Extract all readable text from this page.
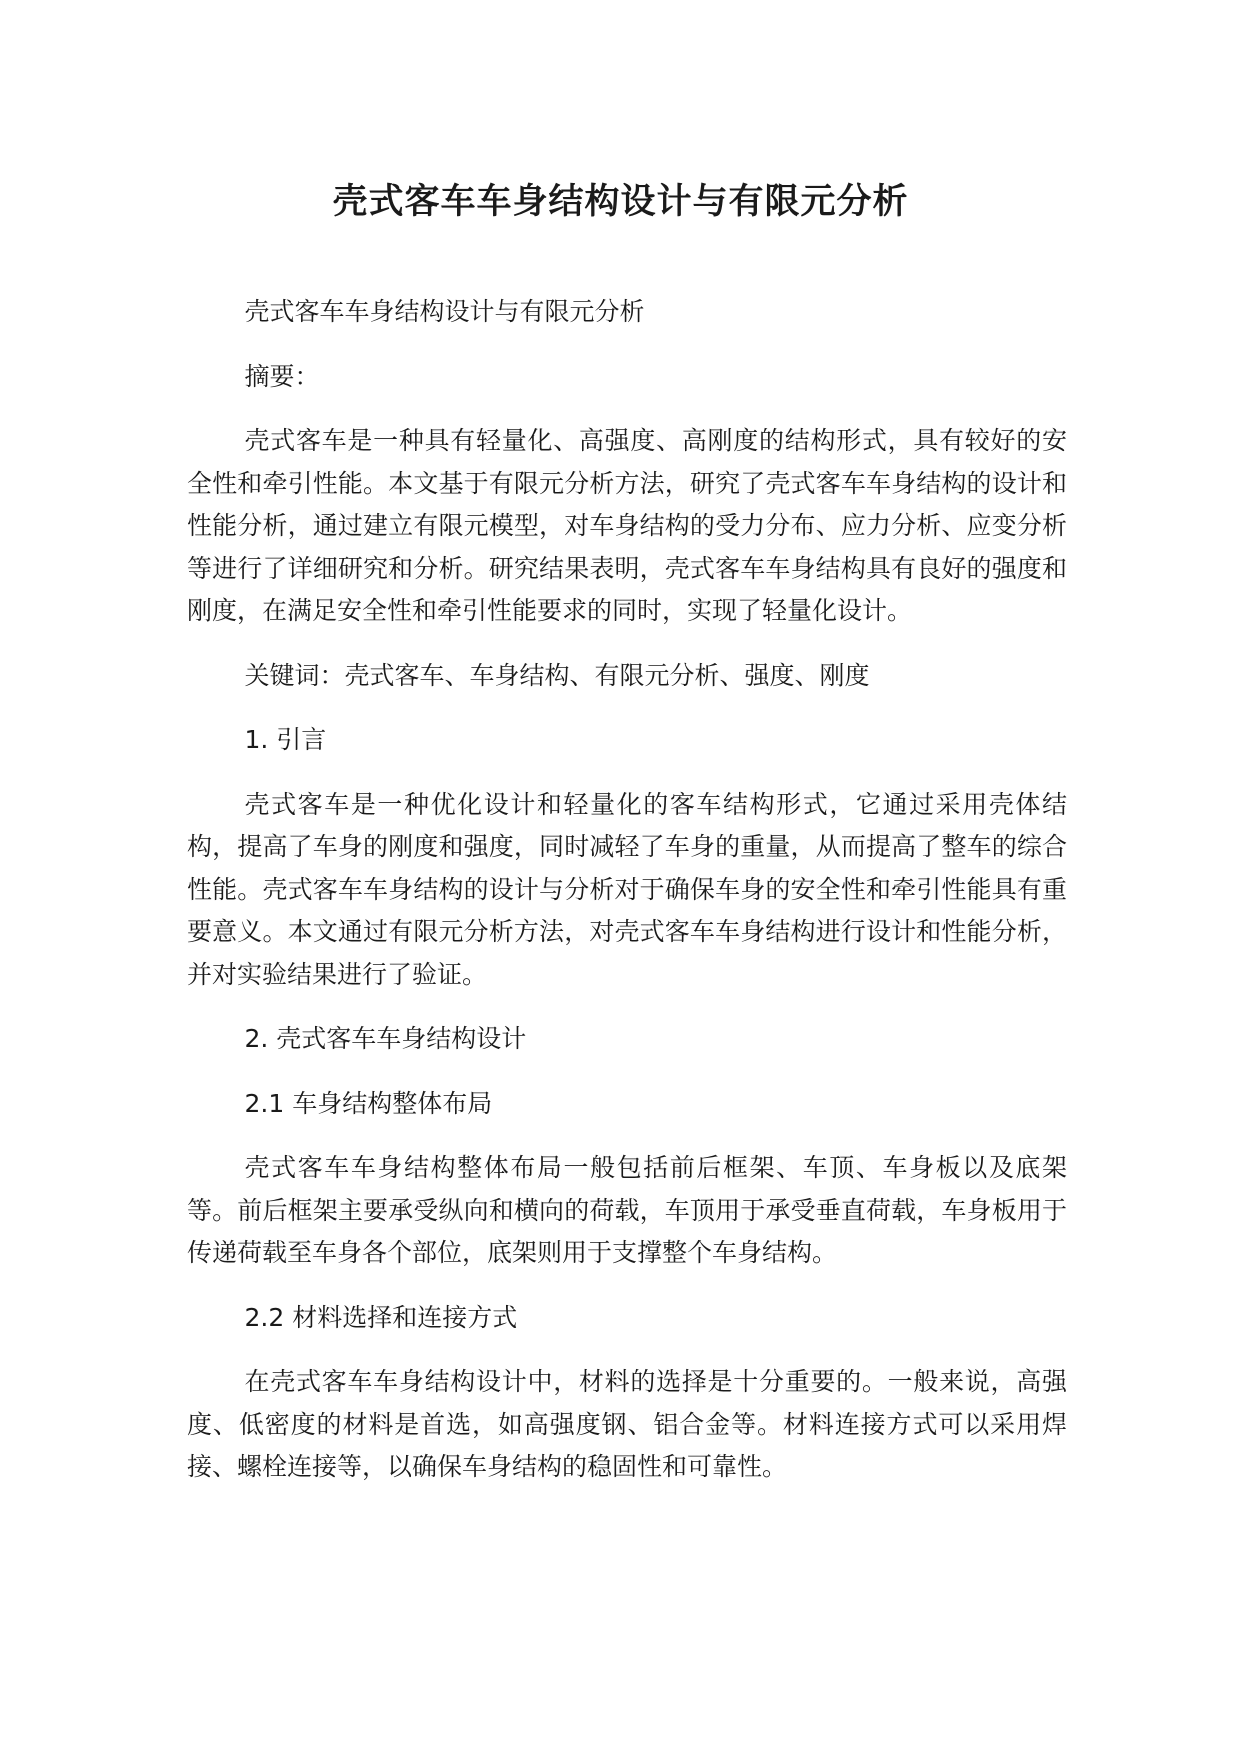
壳式客车车身结构设计与有限元分析

壳式客车车身结构设计与有限元分析

摘要：

壳式客车是一种具有轻量化、高强度、高刚度的结构形式，具有较好的安全性和牵引性能。本文基于有限元分析方法，研究了壳式客车车身结构的设计和性能分析，通过建立有限元模型，对车身结构的受力分布、应力分析、应变分析等进行了详细研究和分析。研究结果表明，壳式客车车身结构具有良好的强度和刚度，在满足安全性和牵引性能要求的同时，实现了轻量化设计。

关键词：壳式客车、车身结构、有限元分析、强度、刚度

1. 引言

壳式客车是一种优化设计和轻量化的客车结构形式，它通过采用壳体结构，提高了车身的刚度和强度，同时减轻了车身的重量，从而提高了整车的综合性能。壳式客车车身结构的设计与分析对于确保车身的安全性和牵引性能具有重要意义。本文通过有限元分析方法，对壳式客车车身结构进行设计和性能分析，并对实验结果进行了验证。

2. 壳式客车车身结构设计

2.1 车身结构整体布局

壳式客车车身结构整体布局一般包括前后框架、车顶、车身板以及底架等。前后框架主要承受纵向和横向的荷载，车顶用于承受垂直荷载，车身板用于传递荷载至车身各个部位，底架则用于支撑整个车身结构。

2.2 材料选择和连接方式

在壳式客车车身结构设计中，材料的选择是十分重要的。一般来说，高强度、低密度的材料是首选，如高强度钢、铝合金等。材料连接方式可以采用焊接、螺栓连接等，以确保车身结构的稳固性和可靠性。
